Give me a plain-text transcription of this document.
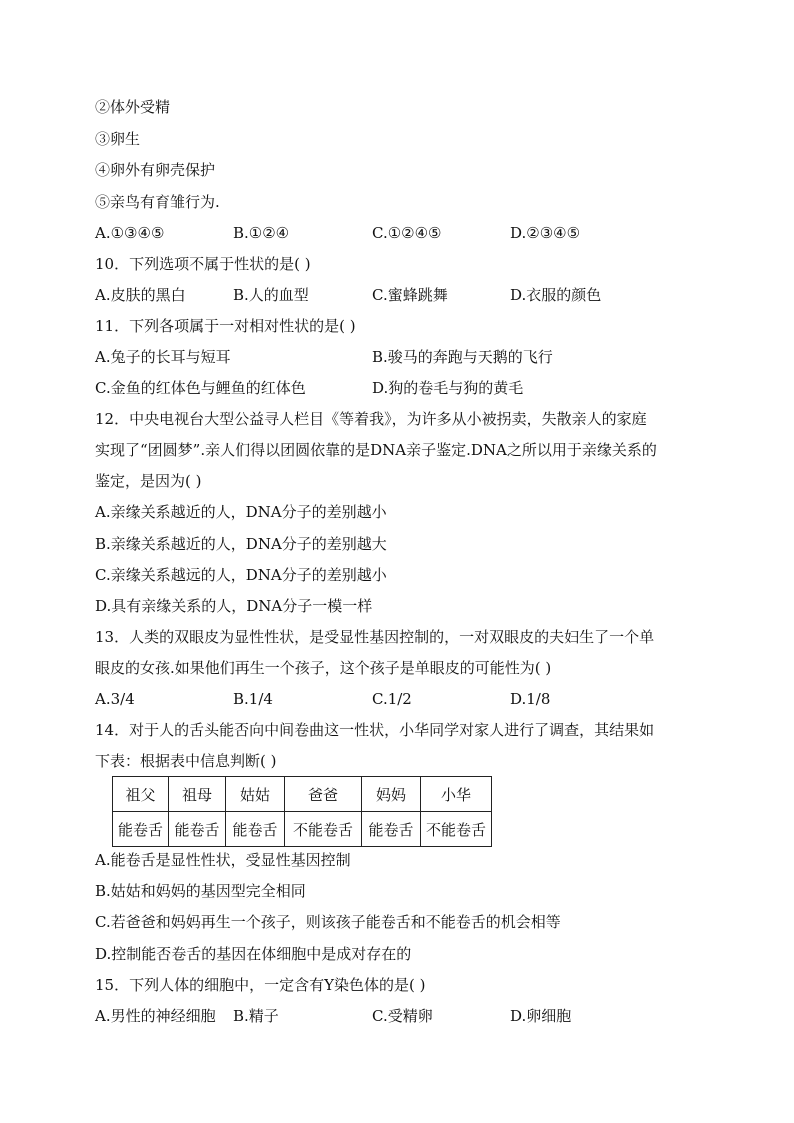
②体外受精
③卵生
④卵外有卵壳保护
⑤亲鸟有育雏行为.
A.①③④⑤	B.①②④	C.①②④⑤	D.②③④⑤
10．下列选项不属于性状的是( )
A.皮肤的黑白	B.人的血型	C.蜜蜂跳舞	D.衣服的颜色
11．下列各项属于一对相对性状的是( )
A.兔子的长耳与短耳	B.骏马的奔跑与天鹅的飞行
C.金鱼的红体色与鲤鱼的红体色	D.狗的卷毛与狗的黄毛
12．中央电视台大型公益寻人栏目《等着我》，为许多从小被拐卖，失散亲人的家庭
实现了“团圆梦”.亲人们得以团圆依靠的是DNA亲子鉴定.DNA之所以用于亲缘关系的
鉴定，是因为( )
A.亲缘关系越近的人，DNA分子的差别越小
B.亲缘关系越近的人，DNA分子的差别越大
C.亲缘关系越远的人，DNA分子的差别越小
D.具有亲缘关系的人，DNA分子一模一样
13．人类的双眼皮为显性性状，是受显性基因控制的，一对双眼皮的夫妇生了一个单
眼皮的女孩.如果他们再生一个孩子，这个孩子是单眼皮的可能性为( )
A.3/4	B.1/4	C.1/2	D.1/8
14．对于人的舌头能否向中间卷曲这一性状，小华同学对家人进行了调查，其结果如
下表：根据表中信息判断( )
祖父	祖母	姑姑	爸爸	妈妈	小华
能卷舌	能卷舌	能卷舌	不能卷舌	能卷舌	不能卷舌
A.能卷舌是显性性状，受显性基因控制
B.姑姑和妈妈的基因型完全相同
C.若爸爸和妈妈再生一个孩子，则该孩子能卷舌和不能卷舌的机会相等
D.控制能否卷舌的基因在体细胞中是成对存在的
15．下列人体的细胞中，一定含有Y染色体的是( )
A.男性的神经细胞 B.精子	C.受精卵	D.卵细胞
